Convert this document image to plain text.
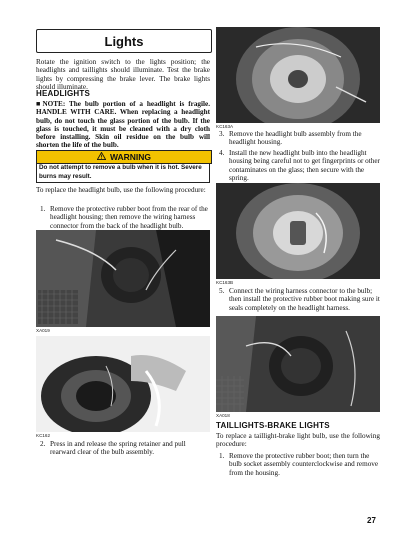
Lights

Rotate the ignition switch to the lights position; the headlights and taillights should illuminate. Test the brake lights by compressing the brake lever. The brake lights should illuminate.

HEADLIGHTS

■NOTE: The bulb portion of a headlight is fragile. HANDLE WITH CARE. When replacing a headlight bulb, do not touch the glass portion of the bulb. If the glass is touched, it must be cleaned with a dry cloth before installing. Skin oil residue on the bulb will shorten the life of the bulb.

WARNING

Do not attempt to remove a bulb when it is hot. Severe burns may result.

To replace the headlight bulb, use the following procedure:

1. Remove the protective rubber boot from the rear of the headlight housing; then remove the wiring harness connector from the back of the headlight bulb.
XA019
KC162
2. Press in and release the spring retainer and pull rearward clear of the bulb assembly.
KC163A
3. Remove the headlight bulb assembly from the headlight housing.
4. Install the new headlight bulb into the headlight housing being careful not to get fingerprints or other contaminates on the glass; then secure with the spring.
KC163B
5. Connect the wiring harness connector to the bulb; then install the protective rubber boot making sure it seals completely on the headlight harness.
XA018
TAILLIGHTS-BRAKE LIGHTS

To replace a taillight-brake light bulb, use the following procedure:

1. Remove the protective rubber boot; then turn the bulb socket assembly counterclockwise and remove from the housing.
27
